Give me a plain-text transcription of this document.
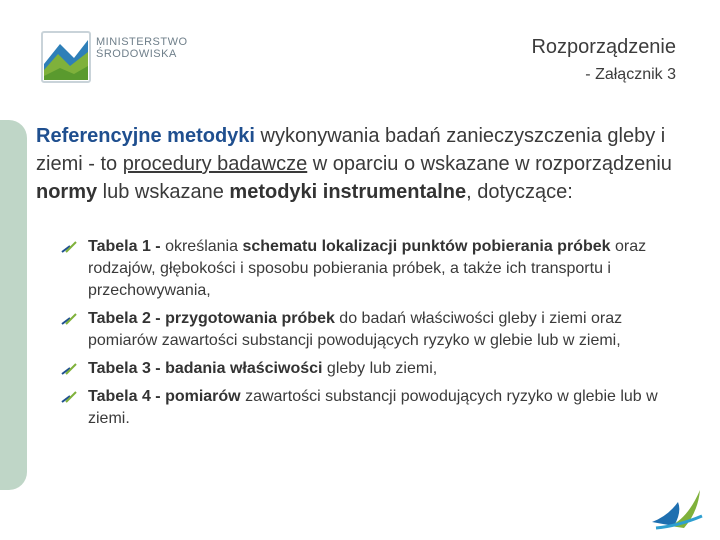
MINISTERSTWO
ŚRODOWISKA	Rozporządzenie
- Załącznik 3
Referencyjne metodyki wykonywania badań zanieczyszczenia gleby i ziemi - to procedury badawcze w oparciu o wskazane w rozporządzeniu normy lub wskazane metodyki instrumentalne, dotyczące:
Tabela 1 - określania schematu lokalizacji punktów pobierania próbek oraz rodzajów, głębokości i sposobu pobierania próbek, a także ich transportu i przechowywania,
Tabela 2 - przygotowania próbek do badań właściwości gleby i ziemi oraz pomiarów zawartości substancji powodujących ryzyko w glebie lub w ziemi,
Tabela 3 - badania właściwości gleby lub ziemi,
Tabela 4 - pomiarów zawartości substancji powodujących ryzyko w glebie lub w ziemi.
